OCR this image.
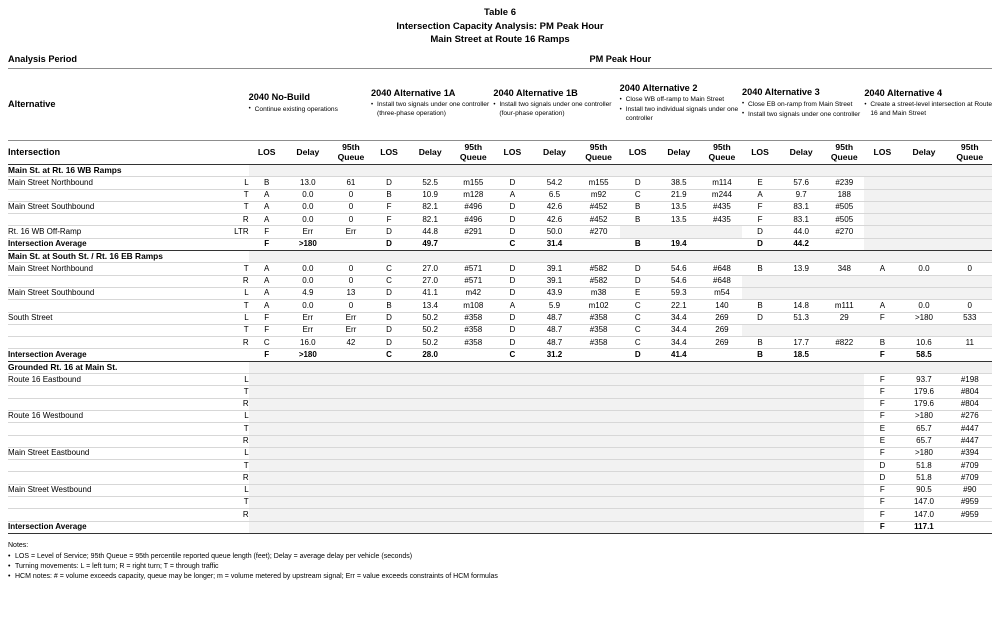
Table 6
Intersection Capacity Analysis: PM Peak Hour
Main Street at Route 16 Ramps
Analysis Period		PM Peak Hour																	
Alternative	
2040 No-Build
• Continue existing operations

2040 Alternative 1A
• Install two signals under one controller (three-phase operation)

2040 Alternative 1B
• Install two signals under one controller (four-phase operation)

2040 Alternative 2
• Close WB off-ramp to Main Street
• Install two individual signals under one controller

2040 Alternative 3
• Close EB on-ramp from Main Street
• Install two signals under one controller

2040 Alternative 4
• Create a street-level intersection at Route 16 and Main Street

Intersection		LOS	Delay	95th
Queue	LOS	Delay	95th
Queue	LOS	Delay	95th
Queue	LOS	Delay	95th
Queue	LOS	Delay	95th
Queue	LOS	Delay	95th
Queue
Main St. at Rt. 16 WB Ramps																			
Main Street Northbound	L	B	13.0	61	D	52.5	m155	D	54.2	m155	D	38.5	m114	E	57.6	#239			
	T	A	0.0	0	B	10.9	m128	A	6.5	m92	C	21.9	m244	A	9.7	188			
Main Street Southbound	T	A	0.0	0	F	82.1	#496	D	42.6	#452	B	13.5	#435	F	83.1	#505			
	R	A	0.0	0	F	82.1	#496	D	42.6	#452	B	13.5	#435	F	83.1	#505			
Rt. 16 WB Off-Ramp	LTR	F	Err	Err	D	44.8	#291	D	50.0	#270				D	44.0	#270			
Intersection Average		F	>180		D	49.7		C	31.4		B	19.4		D	44.2				
Main St. at South St. / Rt. 16 EB Ramps																			
Main Street Northbound	T	A	0.0	0	C	27.0	#571	D	39.1	#582	D	54.6	#648	B	13.9	348	A	0.0	0
	R	A	0.0	0	C	27.0	#571	D	39.1	#582	D	54.6	#648						
Main Street Southbound	L	A	4.9	13	D	41.1	m42	D	43.9	m38	E	59.3	m54						
	T	A	0.0	0	B	13.4	m108	A	5.9	m102	C	22.1	140	B	14.8	m111	A	0.0	0
South Street	L	F	Err	Err	D	50.2	#358	D	48.7	#358	C	34.4	269	D	51.3	29	F	>180	533
	T	F	Err	Err	D	50.2	#358	D	48.7	#358	C	34.4	269						
	R	C	16.0	42	D	50.2	#358	D	48.7	#358	C	34.4	269	B	17.7	#822	B	10.6	11
Intersection Average		F	>180		C	28.0		C	31.2		D	41.4		B	18.5		F	58.5	
Grounded Rt. 16 at Main St.																			
Route 16 Eastbound	L																F	93.7	#198
	T																F	179.6	#804
	R																F	179.6	#804
Route 16 Westbound	L																F	>180	#276
	T																E	65.7	#447
	R																E	65.7	#447
Main Street Eastbound	L																F	>180	#394
	T																D	51.8	#709
	R																D	51.8	#709
Main Street Westbound	L																F	90.5	#90
	T																F	147.0	#959
	R																F	147.0	#959
Intersection Average																	F	117.1	
Notes:
• LOS = Level of Service; 95th Queue = 95th percentile reported queue length (feet); Delay = average delay per vehicle (seconds)
• Turning movements: L = left turn; R = right turn; T = through traffic
• HCM notes: # = volume exceeds capacity, queue may be longer; m = volume metered by upstream signal; Err = value exceeds constraints of HCM formulas
